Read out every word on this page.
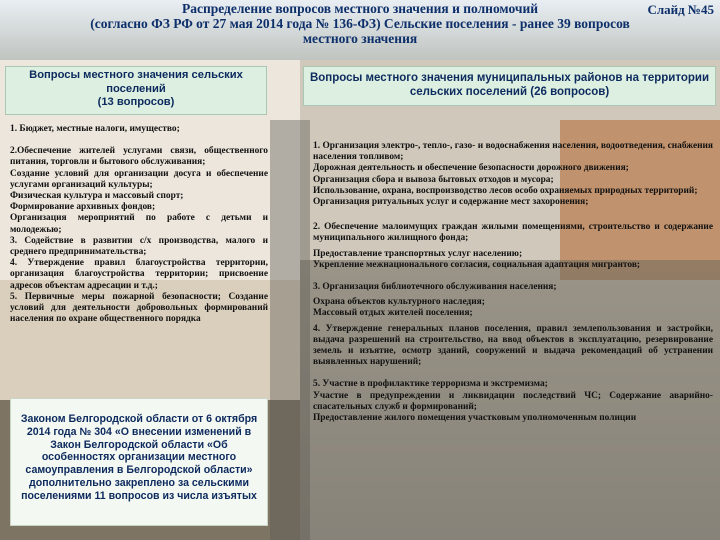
Слайд №45
Распределение вопросов местного значения и полномочий
(согласно ФЗ РФ от 27 мая 2014 года № 136-ФЗ) Сельские поселения - ранее 39 вопросов
местного значения
Вопросы местного значения сельских поселений
(13 вопросов)
Вопросы местного значения муниципальных районов на территории сельских поселений (26 вопросов)

1. Бюджет, местные налоги, имущество;

2.Обеспечение жителей услугами связи, общественного питания, торговли и бытового обслуживания;

Создание условий для организации досуга и обеспечение услугами организаций культуры;

Физическая культура и массовый спорт;

Формирование архивных фондов;

Организация мероприятий по работе с детьми и молодежью;

3. Содействие в развитии с/х производства, малого и среднего предпринимательства;

4. Утверждение правил благоустройства территории, организация благоустройства территории; присвоение адресов объектам адресации и т.д.;

5. Первичные меры пожарной безопасности; Создание условий для деятельности добровольных формирований населения по охране общественного порядка

Законом Белгородской области от 6 октября 2014 года № 304 «О внесении изменений в Закон Белгородской области «Об особенностях организации местного самоуправления в Белгородской области» дополнительно закреплено за сельскими поселениями 11 вопросов из числа изъятых

1. Организация электро-, тепло-, газо- и водоснабжения населения, водоотведения, снабжения населения топливом;

Дорожная деятельность и обеспечение безопасности дорожного движения;

Организация сбора и вывоза бытовых отходов и мусора;

Использование, охрана, воспроизводство лесов особо охраняемых природных территорий;

Организация ритуальных услуг и содержание мест захоронения;

2. Обеспечение малоимущих граждан жилыми помещениями, строительство и содержание муниципального жилищного фонда;

Предоставление транспортных услуг населению;

Укрепление межнационального согласия, социальная адаптация мигрантов;

3. Организация библиотечного обслуживания населения;

Охрана объектов культурного наследия;

Массовый отдых жителей поселения;

4. Утверждение генеральных планов поселения, правил землепользования и застройки, выдача разрешений на строительство, на ввод объектов в эксплуатацию, резервирование земель и изъятие, осмотр зданий, сооружений и выдача рекомендаций об устранении выявленных нарушений;

5. Участие в профилактике терроризма и экстремизма;

Участие в предупреждении и ликвидации последствий ЧС; Содержание аварийно-спасательных служб и формирований;

Предоставление жилого помещения участковым уполномоченным полиции
